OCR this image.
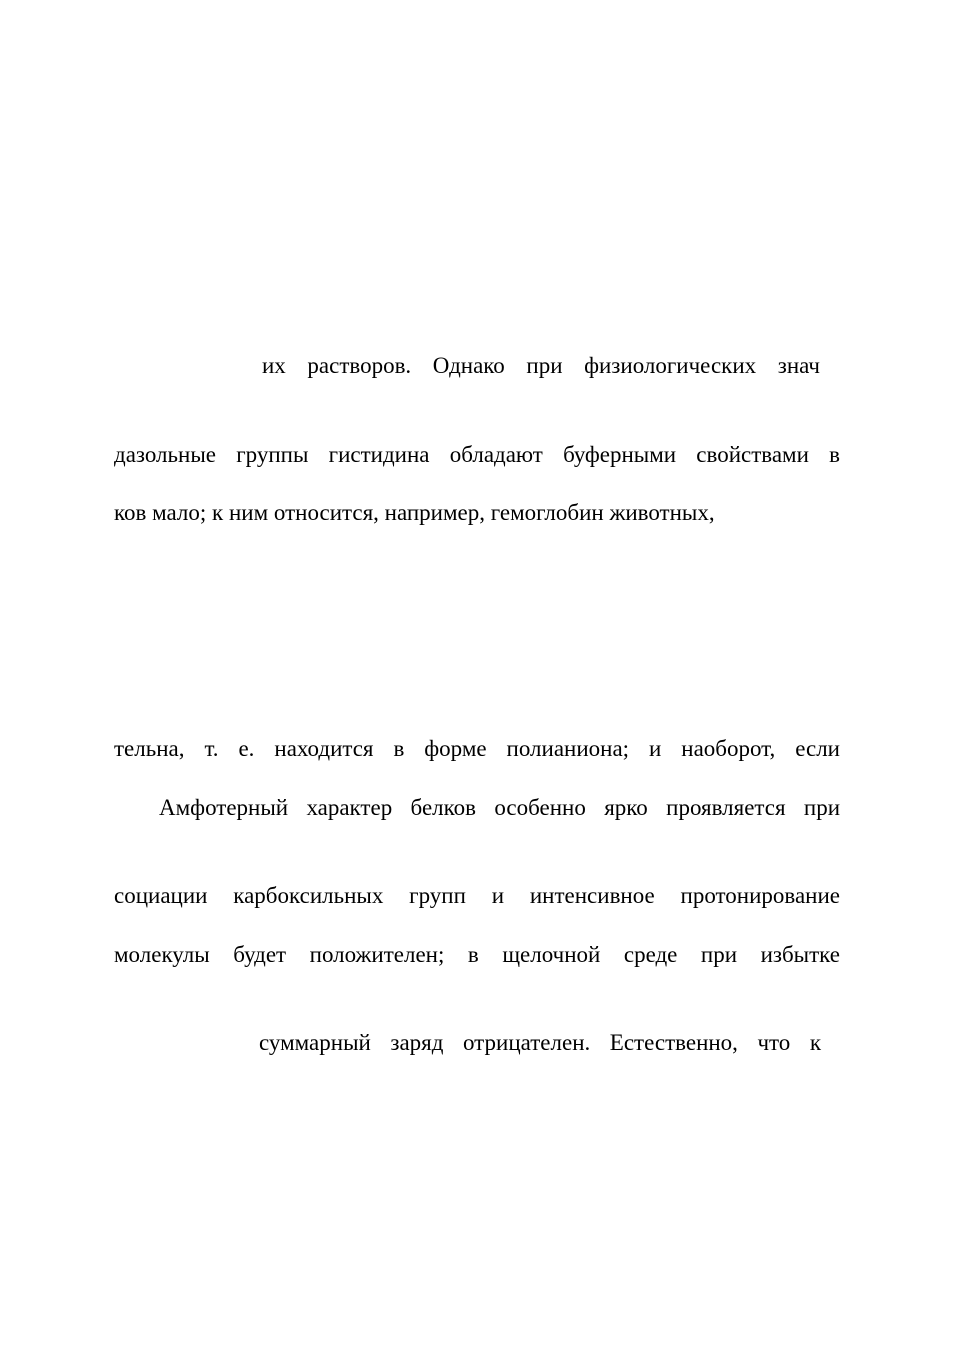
их растворов. Однако при физиологических знач

дазольные группы гистидина обладают буферными свойствами в

ков мало; к ним относится, например, гемоглобин животных,

тельна, т. е. находится в форме полианиона; и наоборот, если

Амфотерный характер белков особенно ярко проявляется при

социации карбоксильных групп и интенсивное протонирование

молекулы будет положителен; в щелочной среде при избытке

суммарный заряд отрицателен. Естественно, что к
